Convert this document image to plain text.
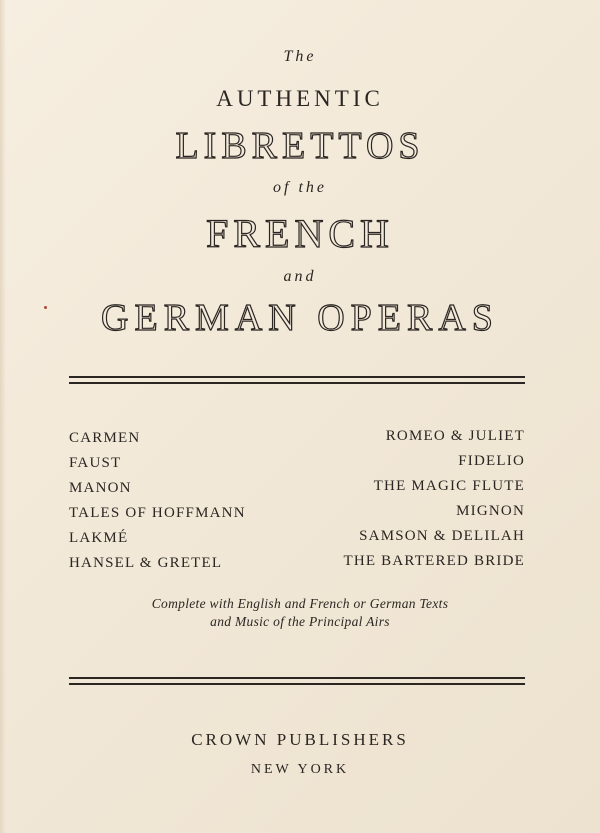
The
AUTHENTIC
LIBRETTOS
of the
FRENCH
and
GERMAN OPERAS
CARMEN
FAUST
MANON
TALES OF HOFFMANN
LAKMÉ
HANSEL & GRETEL
ROMEO & JULIET
FIDELIO
THE MAGIC FLUTE
MIGNON
SAMSON & DELILAH
THE BARTERED BRIDE
Complete with English and French or German Texts
and Music of the Principal Airs
CROWN PUBLISHERS
NEW YORK
